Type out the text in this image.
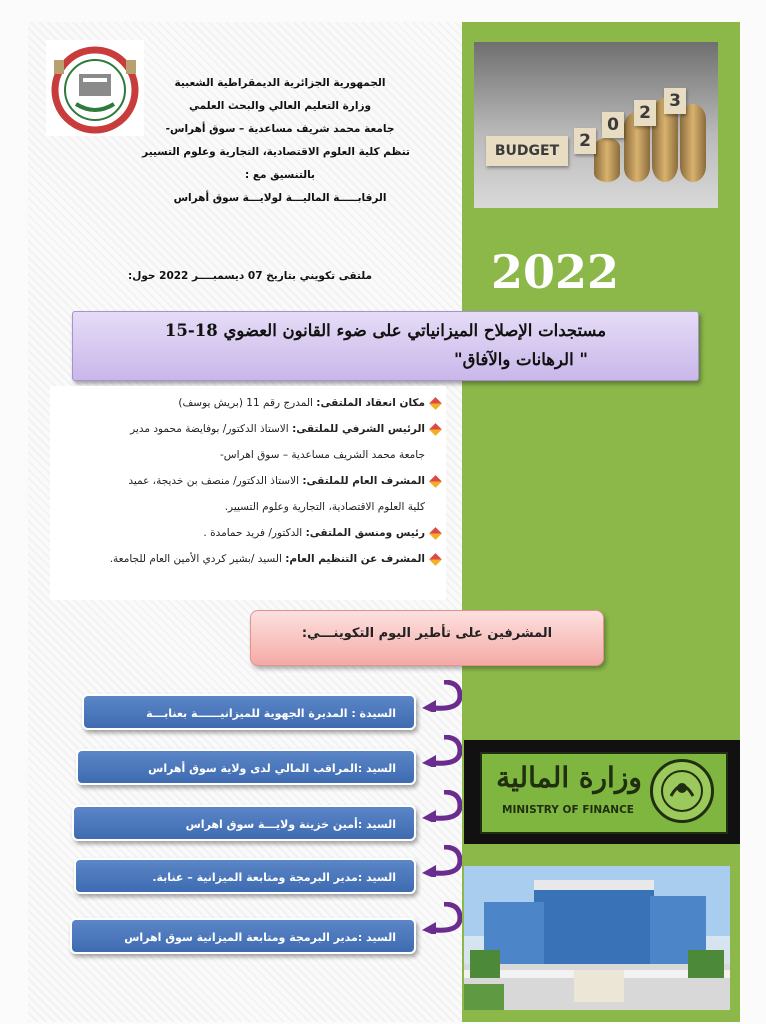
الجمهورية الجزائرية الديمقراطية الشعبية
وزارة التعليم العالي والبحث العلمي
جامعة محمد شريف مساعدية – سوق أهراس-
تنظم كلية العلوم الاقتصادية، التجارية وعلوم التسيير
بالتنسيق مع :
الرقابـــــة الماليـــة لولايـــة سوق أهراس
ملتقى تكويني بتاريخ 07 ديسمبــــر 2022 حول:
BUDGET	2
0
2
3
2022
مستجدات الإصلاح الميزانياتي على ضوء القانون العضوي 18-15
" الرهانات والآفاق"
مكان انعقاد الملتقى: المدرج رقم 11 (بريش يوسف)
الرئيس الشرفي للملتقى: الاستاذ الدكتور/ بوفايضة محمود مدير
جامعة محمد الشريف مساعدية – سوق اهراس-
المشرف العام للملتقى: الاستاذ الدكتور/ منصف بن خديجة، عميد
كلية العلوم الاقتصادية، التجارية وعلوم التسيير.
رئيس ومنسق الملتقى: الدكتور/ فريد حمامدة .
المشرف عن التنظيم العام: السيد /بشير كردي الأمين العام للجامعة.
المشرفين على تأطير اليوم التكوينـــي:
السيدة : المديرة الجهوية للميزانيــــــة بعنابـــة
السيد :المراقب المالي لدى ولاية سوق أهراس
السيد :أمين خزينة ولايـــة سوق اهراس
السيد :مدير البرمجة ومتابعة الميزانية – عنابة.
السيد :مدير البرمجة ومتابعة الميزانية سوق اهراس
وزارة المالية
MINISTRY OF FINANCE
